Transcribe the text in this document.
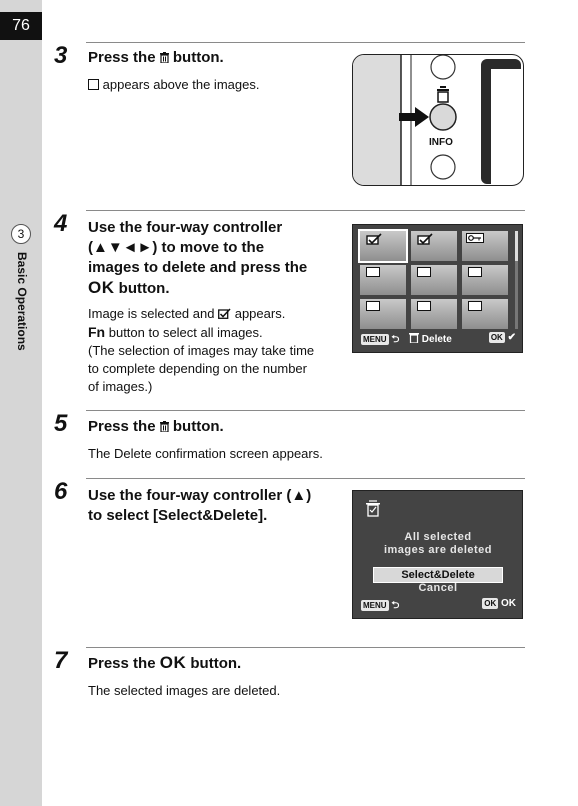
76
3
Basic Operations
3 Press the button.
appears above the images.
INFO
4 Use the four-way controller
(▲▼◄►) to move to the
images to delete and press the
OK button.
Image is selected and appears.
Fn button to select all images.
(The selection of images may take time
to complete depending on the number
of images.)
MENU ⮌	Delete	OK ✔
5 Press the button.
The Delete confirmation screen appears.
6 Use the four-way controller (▲)
to select [Select&Delete].
All selected
images are deleted
Select&Delete
Cancel
MENU ⮌	OK OK
7 Press the OK button.
The selected images are deleted.
